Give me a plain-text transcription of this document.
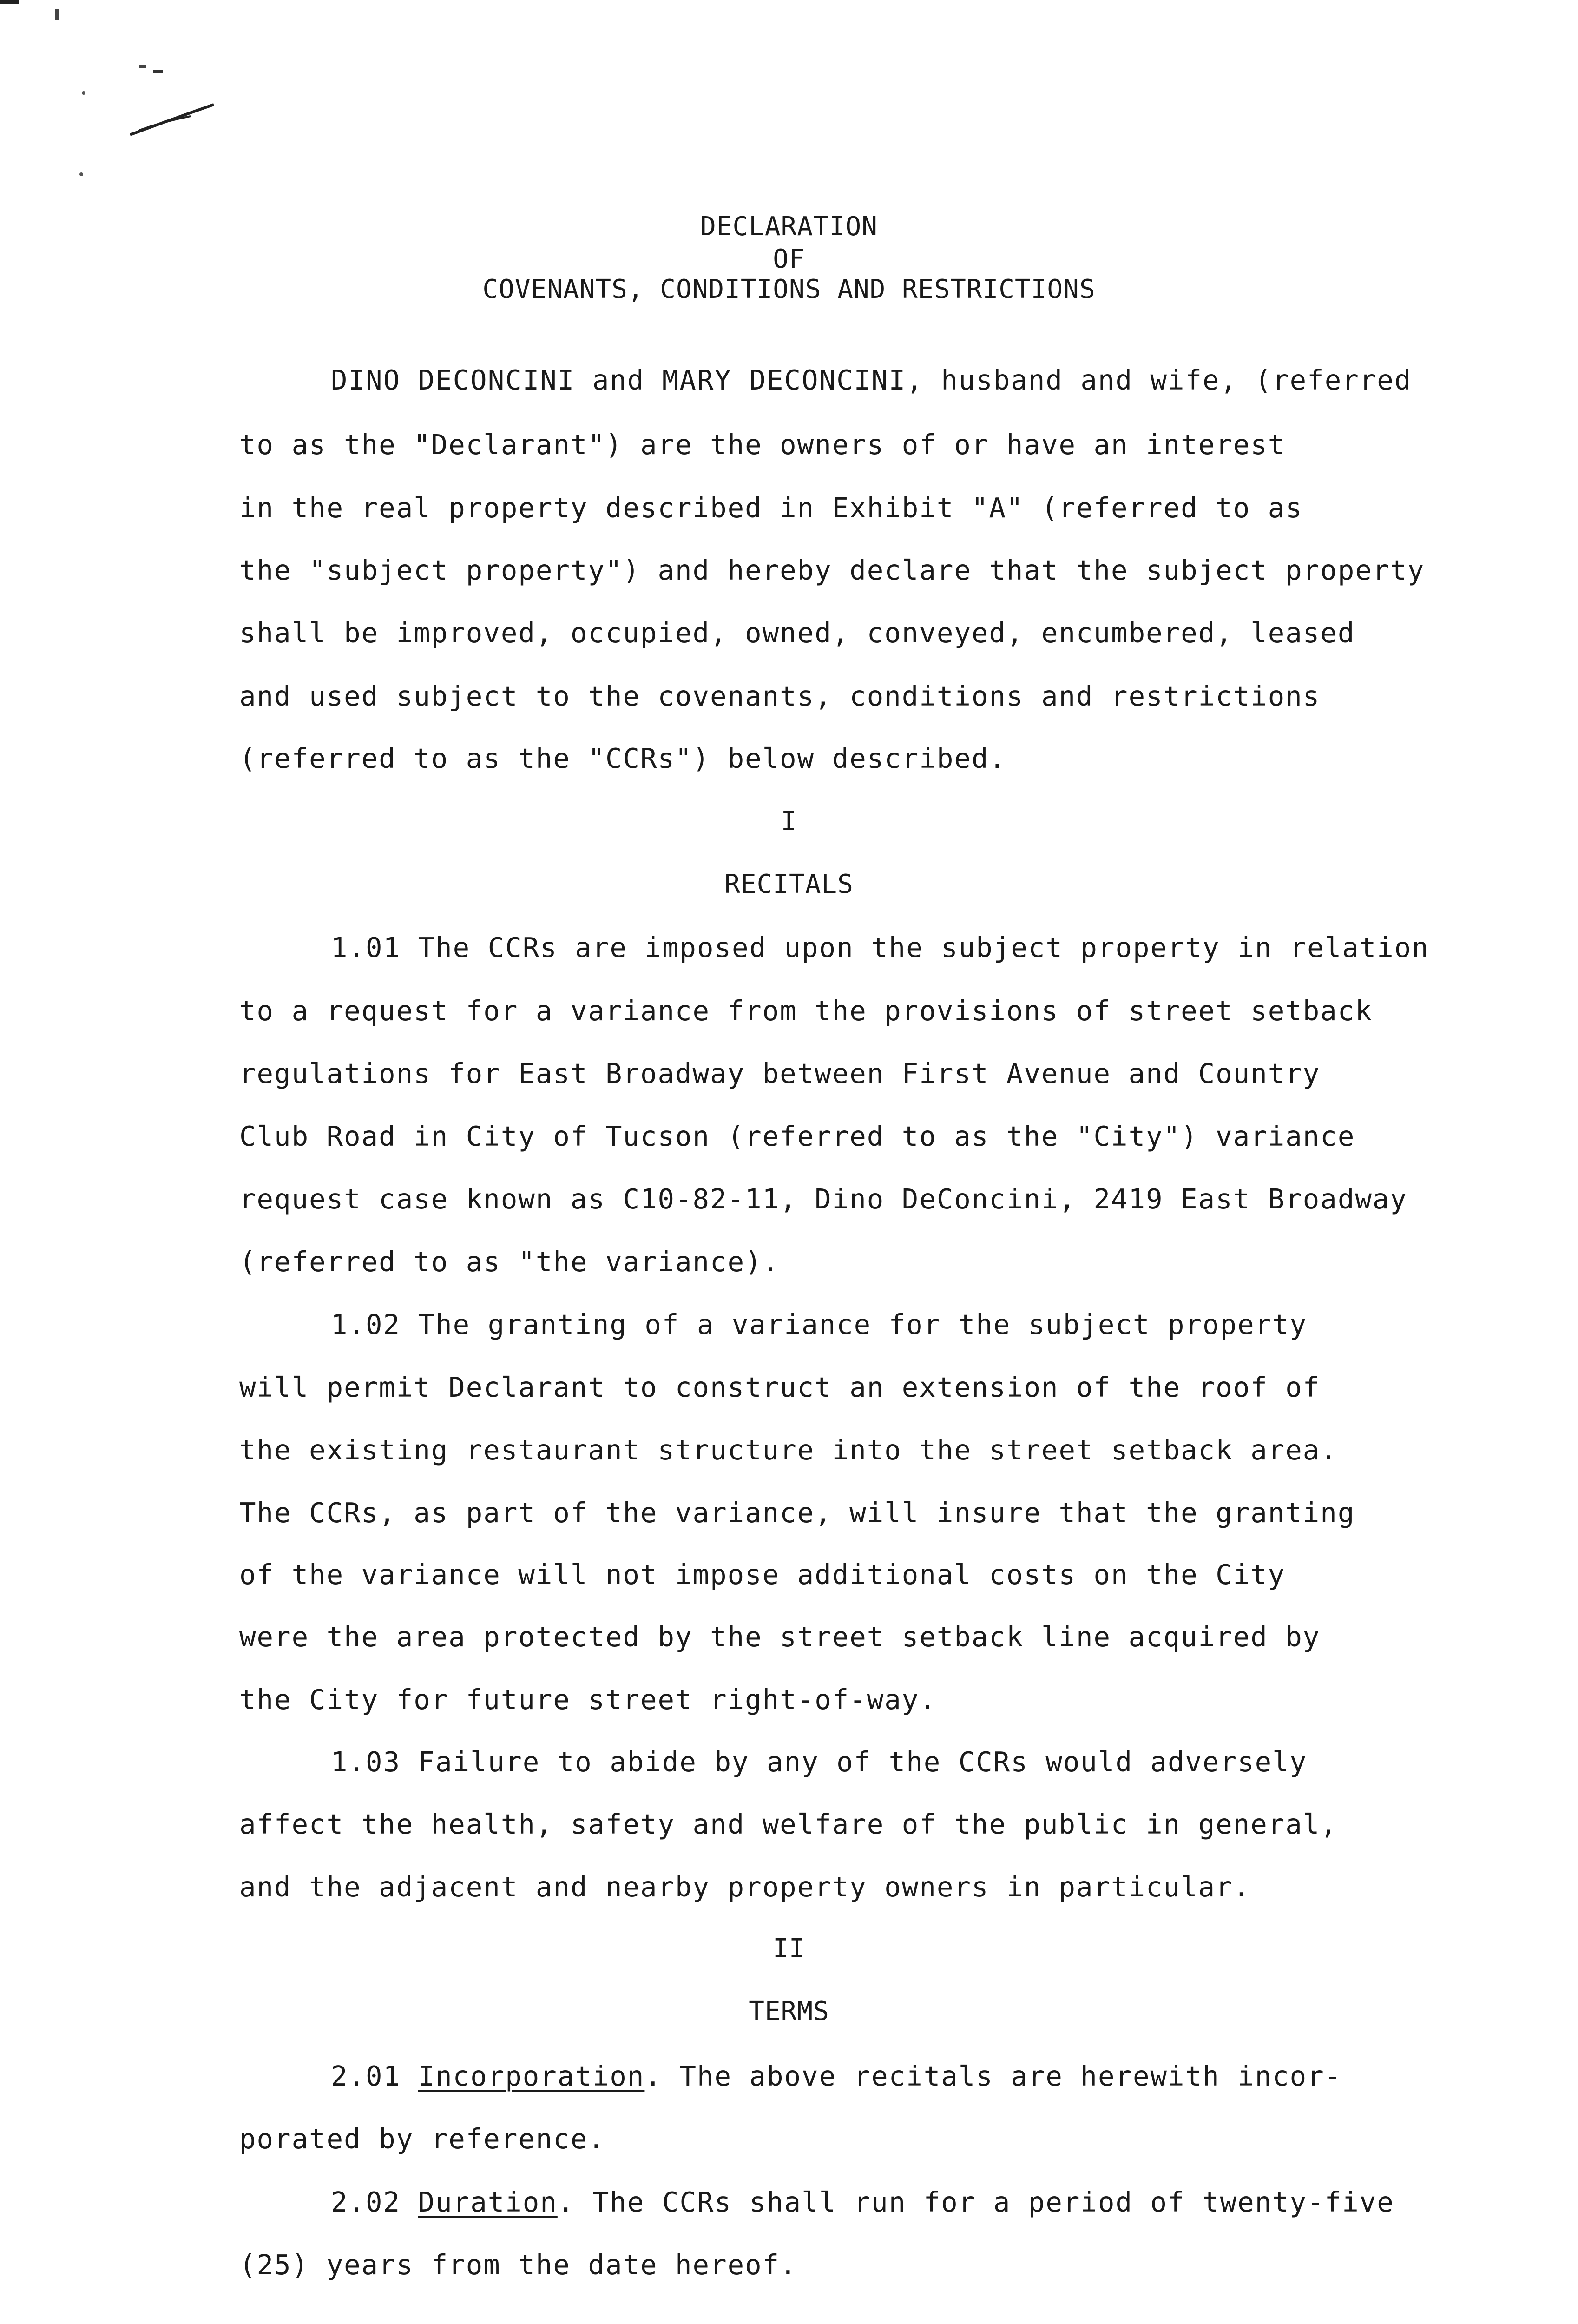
DECLARATION
OF
COVENANTS, CONDITIONS AND RESTRICTIONS
DINO DECONCINI and MARY DECONCINI, husband and wife, (referred
to as the "Declarant") are the owners of or have an interest
in the real property described in Exhibit "A" (referred to as
the "subject property") and hereby declare that the subject property
shall be improved, occupied, owned, conveyed, encumbered, leased
and used subject to the covenants, conditions and restrictions
(referred to as the "CCRs") below described.
I
RECITALS
1.01 The CCRs are imposed upon the subject property in relation
to a request for a variance from the provisions of street setback
regulations for East Broadway between First Avenue and Country
Club Road in City of Tucson (referred to as the "City") variance
request case known as C10-82-11, Dino DeConcini, 2419 East Broadway
(referred to as "the variance).
1.02 The granting of a variance for the subject property
will permit Declarant to construct an extension of the roof of
the existing restaurant structure into the street setback area.
The CCRs, as part of the variance, will insure that the granting
of the variance will not impose additional costs on the City
were the area protected by the street setback line acquired by
the City for future street right-of-way.
1.03 Failure to abide by any of the CCRs would adversely
affect the health, safety and welfare of the public in general,
and the adjacent and nearby property owners in particular.
II
TERMS
2.01 Incorporation. The above recitals are herewith incor-
porated by reference.
2.02 Duration. The CCRs shall run for a period of twenty-five
(25) years from the date hereof.
